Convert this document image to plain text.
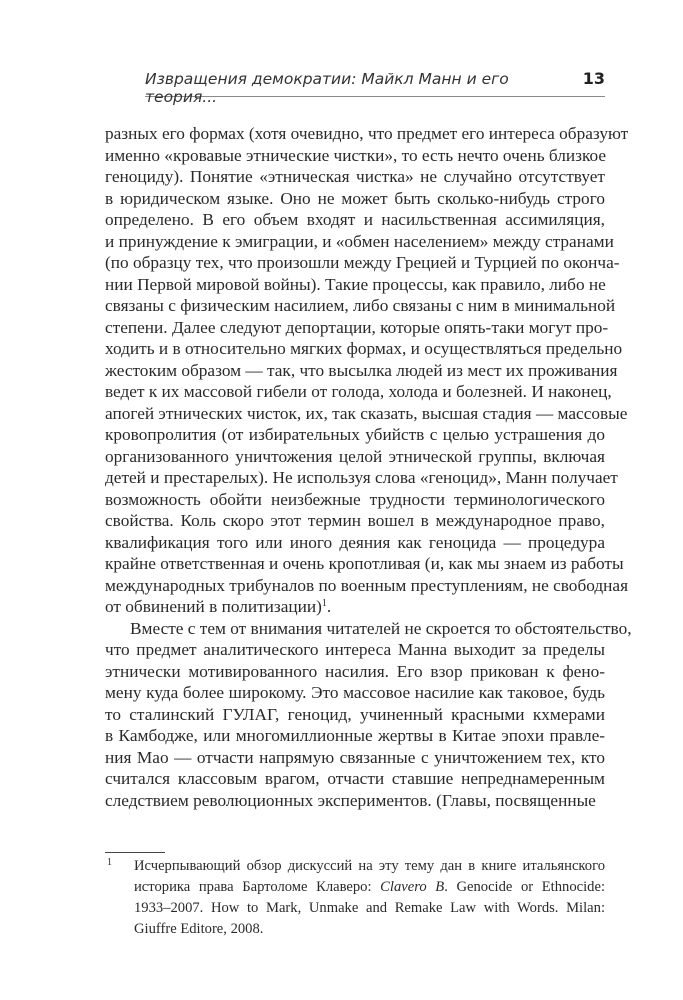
Извращения демократии: Майкл Манн и его теория...
13
разных его формах (хотя очевидно, что предмет его интереса образуют
именно «кровавые этнические чистки», то есть нечто очень близкое
геноциду). Понятие «этническая чистка» не случайно отсутствует
в юридическом языке. Оно не может быть сколько-нибудь строго
определено. В его объем входят и насильственная ассимиляция,
и принуждение к эмиграции, и «обмен населением» между странами
(по образцу тех, что произошли между Грецией и Турцией по оконча-
нии Первой мировой войны). Такие процессы, как правило, либо не
связаны с физическим насилием, либо связаны с ним в минимальной
степени. Далее следуют депортации, которые опять-таки могут про-
ходить и в относительно мягких формах, и осуществляться предельно
жестоким образом — так, что высылка людей из мест их проживания
ведет к их массовой гибели от голода, холода и болезней. И наконец,
апогей этнических чисток, их, так сказать, высшая стадия — массовые
кровопролития (от избирательных убийств с целью устрашения до
организованного уничтожения целой этнической группы, включая
детей и престарелых). Не используя слова «геноцид», Манн получает
возможность обойти неизбежные трудности терминологического
свойства. Коль скоро этот термин вошел в международное право,
квалификация того или иного деяния как геноцида — процедура
крайне ответственная и очень кропотливая (и, как мы знаем из работы
международных трибуналов по военным преступлениям, не свободная
от обвинений в политизации)$^1$.
Вместе с тем от внимания читателей не скроется то обстоятельство,
что предмет аналитического интереса Манна выходит за пределы
этнически мотивированного насилия. Его взор прикован к фено-
мену куда более широкому. Это массовое насилие как таковое, будь
то сталинский ГУЛАГ, геноцид, учиненный красными кхмерами
в Камбодже, или многомиллионные жертвы в Китае эпохи правле-
ния Мао — отчасти напрямую связанные с уничтожением тех, кто
считался классовым врагом, отчасти ставшие непреднамеренным
следствием революционных экспериментов. (Главы, посвященные
1 Исчерпывающий обзор дискуссий на эту тему дан в книге итальянского
историка права Бартоломе Клаверо: Clavero B. Genocide or Ethnocide:
1933–2007. How to Mark, Unmake and Remake Law with Words. Milan:
Giuffre Editore, 2008.
